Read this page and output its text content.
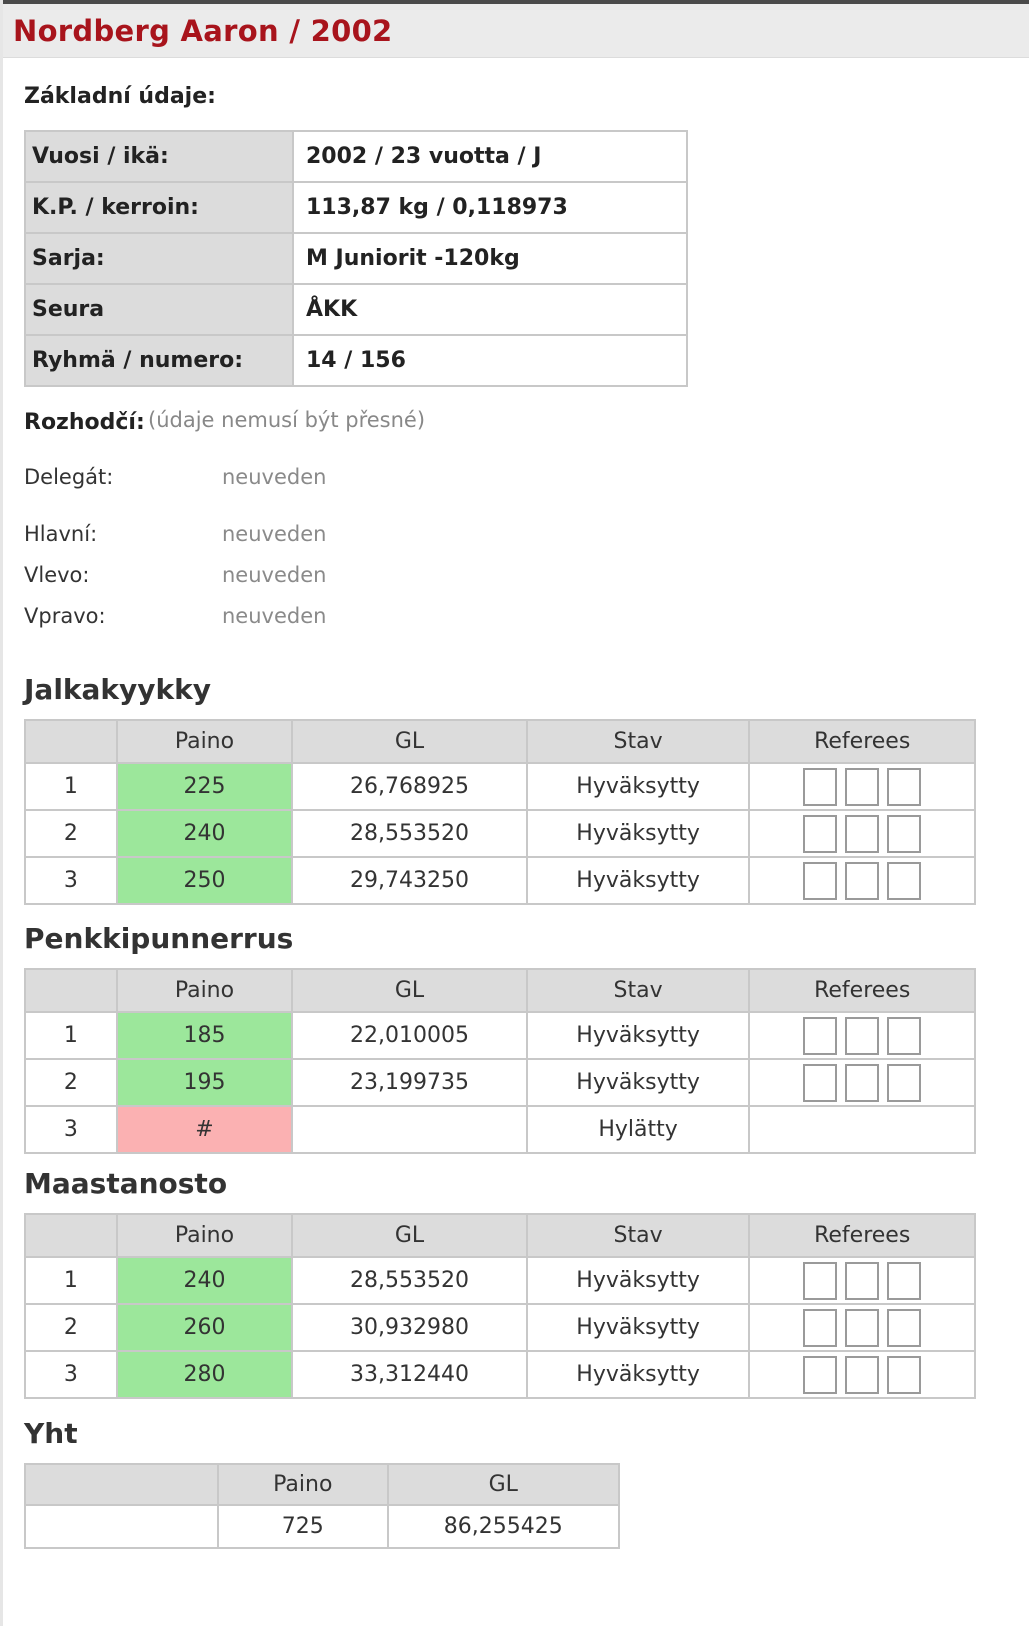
Nordberg Aaron / 2002
Základní údaje:
Vuosi / ikä:	2002 / 23 vuotta / J
K.P. / kerroin:	113,87 kg / 0,118973
Sarja:	M Juniorit -120kg
Seura	ÅKK
Ryhmä / numero:	14 / 156
Rozhodčí: (údaje nemusí být přesné)
Delegát:	neuveden
Hlavní:	neuveden
Vlevo:	neuveden
Vpravo:	neuveden
Jalkakyykky
	Paino	GL	Stav	Referees
1	225	26,768925	Hyväksytty	

2	240	28,553520	Hyväksytty	

3	250	29,743250	Hyväksytty	
Penkkipunnerrus
	Paino	GL	Stav	Referees
1	185	22,010005	Hyväksytty	

2	195	23,199735	Hyväksytty	

3	#		Hylätty	
Maastanosto
	Paino	GL	Stav	Referees
1	240	28,553520	Hyväksytty	

2	260	30,932980	Hyväksytty	

3	280	33,312440	Hyväksytty	
Yht
	Paino	GL
	725	86,255425
